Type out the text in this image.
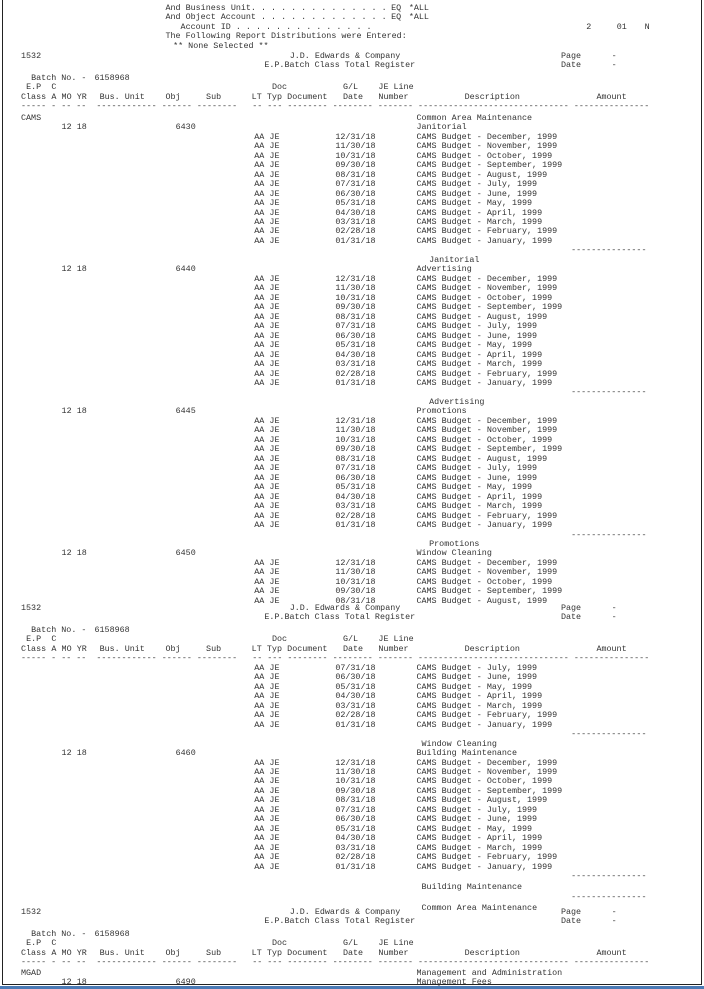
And Business Unit. . . . . . . . . . . . . . EQ *ALL
And Object Account . . . . . . . . . . . . . EQ *ALL
Account ID . . . . . . . . . . . . . .	2	01 N
The Following Report Distributions were Entered:
** None Selected **
1532	J.D. Edwards & Company	Page	-
E.P.Batch Class Total Register	Date	-
Batch No. - 6158968
E.P C	Doc	G/L JE Line
Class A MO YR Bus. Unit Obj	Sub	LT Typ Document Date Number	Description	Amount
----- - -- --  ------------ ------ --------   -- --- -------- -------- ------- ------------------------------ ---------------
CAMS	Common Area Maintenance
12 18	6430	Janitorial
AA JE	12/31/18	CAMS Budget - December, 1999
AA JE	11/30/18	CAMS Budget - November, 1999
AA JE	10/31/18	CAMS Budget - October, 1999
AA JE	09/30/18	CAMS Budget - September, 1999
AA JE	08/31/18	CAMS Budget - August, 1999
AA JE	07/31/18	CAMS Budget - July, 1999
AA JE	06/30/18	CAMS Budget - June, 1999
AA JE	05/31/18	CAMS Budget - May, 1999
AA JE	04/30/18	CAMS Budget - April, 1999
AA JE	03/31/18	CAMS Budget - March, 1999
AA JE	02/28/18	CAMS Budget - February, 1999
AA JE	01/31/18	CAMS Budget - January, 1999
---------------
Janitorial
12 18	6440	Advertising
AA JE	12/31/18	CAMS Budget - December, 1999
AA JE	11/30/18	CAMS Budget - November, 1999
AA JE	10/31/18	CAMS Budget - October, 1999
AA JE	09/30/18	CAMS Budget - September, 1999
AA JE	08/31/18	CAMS Budget - August, 1999
AA JE	07/31/18	CAMS Budget - July, 1999
AA JE	06/30/18	CAMS Budget - June, 1999
AA JE	05/31/18	CAMS Budget - May, 1999
AA JE	04/30/18	CAMS Budget - April, 1999
AA JE	03/31/18	CAMS Budget - March, 1999
AA JE	02/28/18	CAMS Budget - February, 1999
AA JE	01/31/18	CAMS Budget - January, 1999
---------------
Advertising
12 18	6445	Promotions
AA JE	12/31/18	CAMS Budget - December, 1999
AA JE	11/30/18	CAMS Budget - November, 1999
AA JE	10/31/18	CAMS Budget - October, 1999
AA JE	09/30/18	CAMS Budget - September, 1999
AA JE	08/31/18	CAMS Budget - August, 1999
AA JE	07/31/18	CAMS Budget - July, 1999
AA JE	06/30/18	CAMS Budget - June, 1999
AA JE	05/31/18	CAMS Budget - May, 1999
AA JE	04/30/18	CAMS Budget - April, 1999
AA JE	03/31/18	CAMS Budget - March, 1999
AA JE	02/28/18	CAMS Budget - February, 1999
AA JE	01/31/18	CAMS Budget - January, 1999
---------------
Promotions
12 18	6450	Window Cleaning
AA JE	12/31/18	CAMS Budget - December, 1999
AA JE	11/30/18	CAMS Budget - November, 1999
AA JE	10/31/18	CAMS Budget - October, 1999
AA JE	09/30/18	CAMS Budget - September, 1999
AA JE	08/31/18	CAMS Budget - August, 1999
1532	J.D. Edwards & Company	Page	-
E.P.Batch Class Total Register	Date	-
Batch No. - 6158968
E.P C	Doc	G/L JE Line
Class A MO YR Bus. Unit Obj	Sub	LT Typ Document Date Number	Description	Amount
----- - -- --  ------------ ------ --------   -- --- -------- -------- ------- ------------------------------ ---------------
AA JE	07/31/18	CAMS Budget - July, 1999
AA JE	06/30/18	CAMS Budget - June, 1999
AA JE	05/31/18	CAMS Budget - May, 1999
AA JE	04/30/18	CAMS Budget - April, 1999
AA JE	03/31/18	CAMS Budget - March, 1999
AA JE	02/28/18	CAMS Budget - February, 1999
AA JE	01/31/18	CAMS Budget - January, 1999
---------------
Window Cleaning
12 18	6460	Building Maintenance
AA JE	12/31/18	CAMS Budget - December, 1999
AA JE	11/30/18	CAMS Budget - November, 1999
AA JE	10/31/18	CAMS Budget - October, 1999
AA JE	09/30/18	CAMS Budget - September, 1999
AA JE	08/31/18	CAMS Budget - August, 1999
AA JE	07/31/18	CAMS Budget - July, 1999
AA JE	06/30/18	CAMS Budget - June, 1999
AA JE	05/31/18	CAMS Budget - May, 1999
AA JE	04/30/18	CAMS Budget - April, 1999
AA JE	03/31/18	CAMS Budget - March, 1999
AA JE	02/28/18	CAMS Budget - February, 1999
AA JE	01/31/18	CAMS Budget - January, 1999
---------------
Building Maintenance
---------------
Common Area Maintenance
1532	J.D. Edwards & Company	Page	-
E.P.Batch Class Total Register	Date	-
Batch No. - 6158968
E.P C	Doc	G/L JE Line
Class A MO YR Bus. Unit Obj	Sub	LT Typ Document Date Number	Description	Amount
----- - -- --  ------------ ------ --------   -- --- -------- -------- ------- ------------------------------ ---------------
MGAD	Management and Administration
12 18	6490	Management Fees
